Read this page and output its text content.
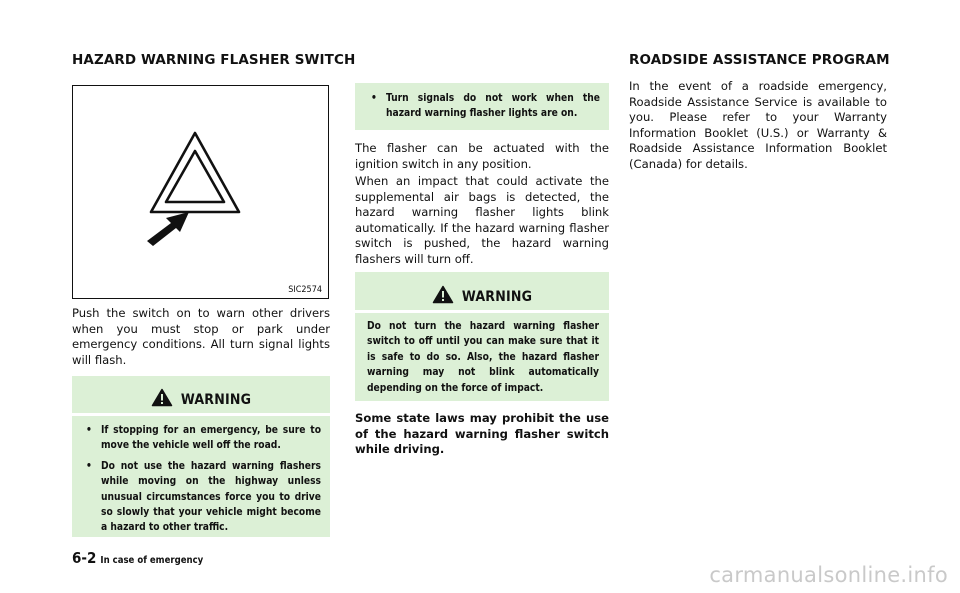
HAZARD WARNING FLASHER SWITCH	ROADSIDE ASSISTANCE PROGRAM
SIC2574

Push the switch on to warn other drivers when you must stop or park under emergency conditions. All turn signal lights will flash.

WARNING
• If stopping for an emergency, be sure to move the vehicle well off the road.
• Do not use the hazard warning flashers while moving on the highway unless unusual circumstances force you to drive so slowly that your vehicle might become a hazard to other traffic.
• Turn signals do not work when the hazard warning flasher lights are on.

The flasher can be actuated with the ignition switch in any position.

When an impact that could activate the supplemental air bags is detected, the hazard warning flasher lights blink automatically. If the hazard warning flasher switch is pushed, the hazard warning flashers will turn off.

WARNING

Do not turn the hazard warning flasher switch to off until you can make sure that it is safe to do so. Also, the hazard flasher warning may not blink automatically depending on the force of impact.

Some state laws may prohibit the use of the hazard warning flasher switch while driving.

In the event of a roadside emergency, Roadside Assistance Service is available to you. Please refer to your Warranty Information Booklet (U.S.) or Warranty & Roadside Assistance Information Booklet (Canada) for details.

6-2 In case of emergency
carmanualsonline.info
